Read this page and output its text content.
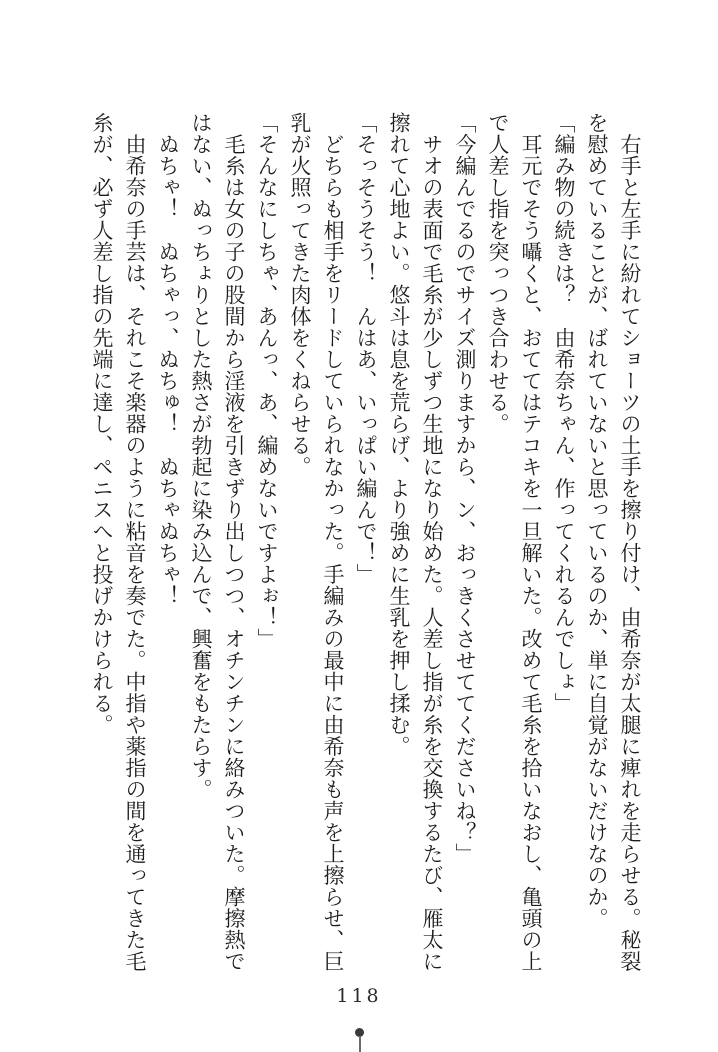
　右手と左手に紛れてショーツの土手を擦り付け、由希奈が太腿に痺れを走らせる。秘裂
を慰めていることが、ばれていないと思っているのか、単に自覚がないだけなのか。
「編み物の続きは？　由希奈ちゃん、作ってくれるんでしょ」
　耳元でそう囁くと、おててはテコキを一旦解いた。改めて毛糸を拾いなおし、亀頭の上
で人差し指を突っつき合わせる。
「今編んでるのでサイズ測りますから、ン、おっきくさせててくださいね？」
　サオの表面で毛糸が少しずつ生地になり始めた。人差し指が糸を交換するたび、雁太に
擦れて心地よい。悠斗は息を荒らげ、より強めに生乳を押し揉む。
「そっそうそう！　んはあ、いっぱい編んで！」
　どちらも相手をリードしていられなかった。手編みの最中に由希奈も声を上擦らせ、巨
乳が火照ってきた肉体をくねらせる。
「そんなにしちゃ、あんっ、あ、編めないですよぉ！」
　毛糸は女の子の股間から淫液を引きずり出しつつ、オチンチンに絡みついた。摩擦熱で
はない、ぬっちょりとした熱さが勃起に染み込んで、興奮をもたらす。
　ぬちゃ！　ぬちゃっ、ぬちゅ！　ぬちゃぬちゃ！
　由希奈の手芸は、それこそ楽器のように粘音を奏でた。中指や薬指の間を通ってきた毛
糸が、必ず人差し指の先端に達し、ペニスへと投げかけられる。
118
